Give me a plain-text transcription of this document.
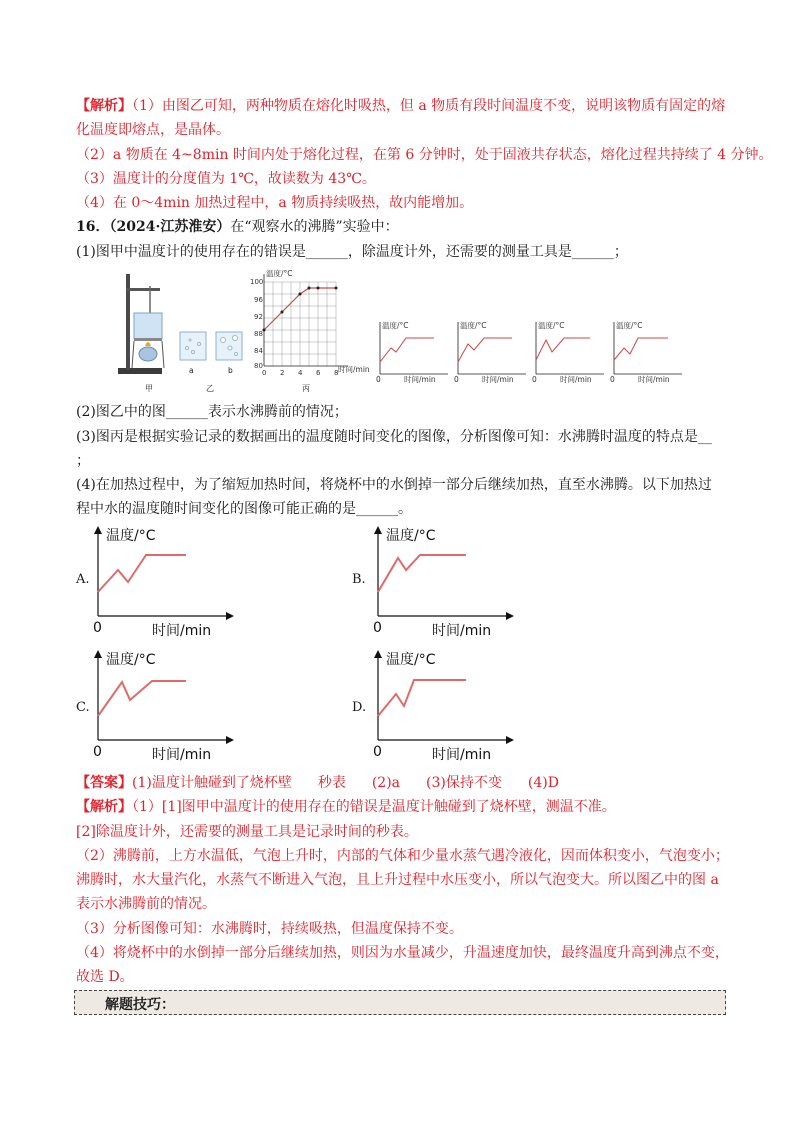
【解析】（1）由图乙可知，两种物质在熔化时吸热，但 a 物质有段时间温度不变，说明该物质有固定的熔
化温度即熔点，是晶体。
（2）a 物质在 4~8min 时间内处于熔化过程，在第 6 分钟时，处于固液共存状态，熔化过程共持续了 4 分钟。
（3）温度计的分度值为 1℃，故读数为 43℃。
（4）在 0～4min 加热过程中，a 物质持续吸热，故内能增加。
16．（2024·江苏淮安）在“观察水的沸腾”实验中：
(1)图甲中温度计的使用存在的错误是______，除温度计外，还需要的测量工具是______；
甲
a	b
乙
温度/°C
时间/min
100
96
92
88
84
80
0 2 4 6 8
丙
温度/°C
时间/min
0
温度/°C
时间/min
0
温度/°C
时间/min
0
温度/°C
时间/min
0
(2)图乙中的图______表示水沸腾前的情况；
(3)图丙是根据实验记录的数据画出的温度随时间变化的图像，分析图像可知：水沸腾时温度的特点是__
；
(4)在加热过程中，为了缩短加热时间，将烧杯中的水倒掉一部分后继续加热，直至水沸腾。以下加热过
程中水的温度随时间变化的图像可能正确的是______。
A.
温度/°C
时间/min
0
B.
温度/°C
时间/min
0
C.
温度/°C
时间/min
0
D.
温度/°C
时间/min
0
【答案】(1)温度计触碰到了烧杯壁 秒表 (2)a (3)保持不变 (4)D
【解析】（1）[1]图甲中温度计的使用存在的错误是温度计触碰到了烧杯壁，测温不准。
[2]除温度计外，还需要的测量工具是记录时间的秒表。
（2）沸腾前，上方水温低，气泡上升时，内部的气体和少量水蒸气遇冷液化，因而体积变小，气泡变小；
沸腾时，水大量汽化，水蒸气不断进入气泡，且上升过程中水压变小，所以气泡变大。所以图乙中的图 a
表示水沸腾前的情况。
（3）分析图像可知：水沸腾时，持续吸热，但温度保持不变。
（4）将烧杯中的水倒掉一部分后继续加热，则因为水量减少，升温速度加快，最终温度升高到沸点不变，
故选 D。
解题技巧：
